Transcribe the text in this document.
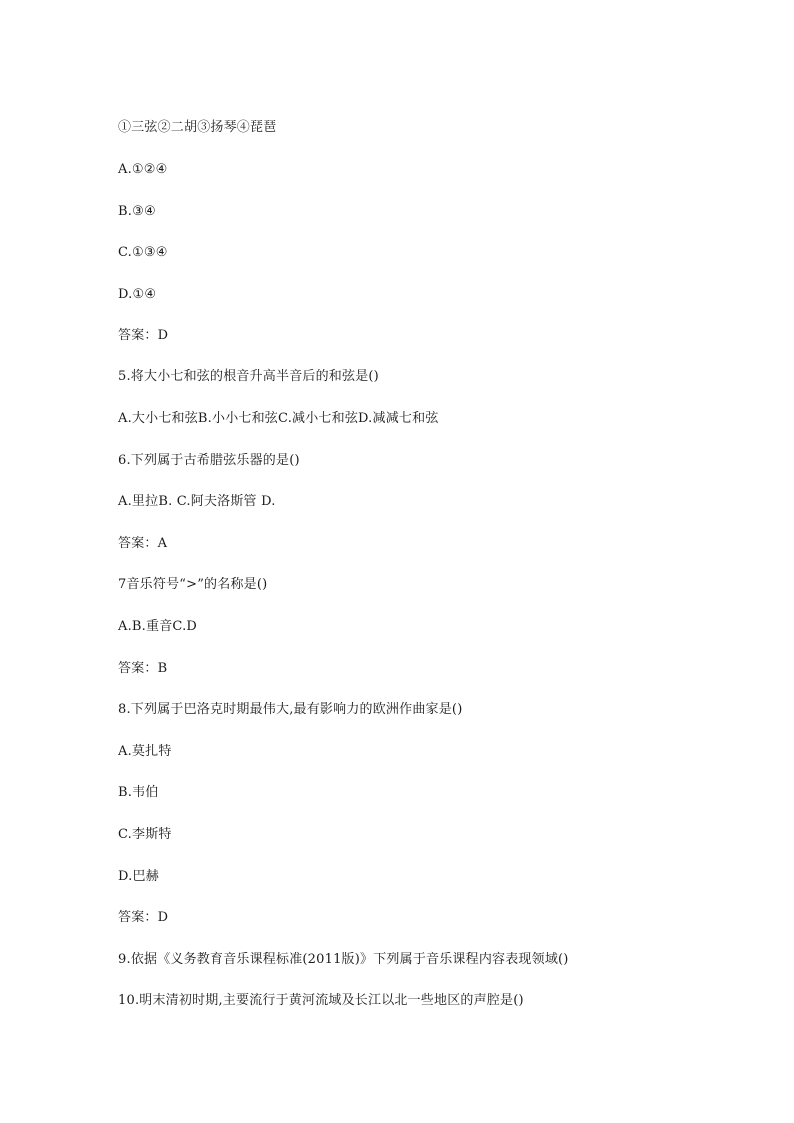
①三弦②二胡③扬琴④琵琶
A.①②④
B.③④
C.①③④
D.①④
答案：D
5.将大小七和弦的根音升高半音后的和弦是()
A.大小七和弦B.小小七和弦C.减小七和弦D.减减七和弦
6.下列属于古希腊弦乐器的是()
A.里拉B. C.阿夫洛斯管 D.
答案：A
7音乐符号“>”的名称是()
A.B.重音C.D
答案：B
8.下列属于巴洛克时期最伟大,最有影响力的欧洲作曲家是()
A.莫扎特
B.韦伯
C.李斯特
D.巴赫
答案：D
9.依据《义务教育音乐课程标准(2011版)》下列属于音乐课程内容表现领域()
10.明末清初时期,主要流行于黄河流域及长江以北一些地区的声腔是()
